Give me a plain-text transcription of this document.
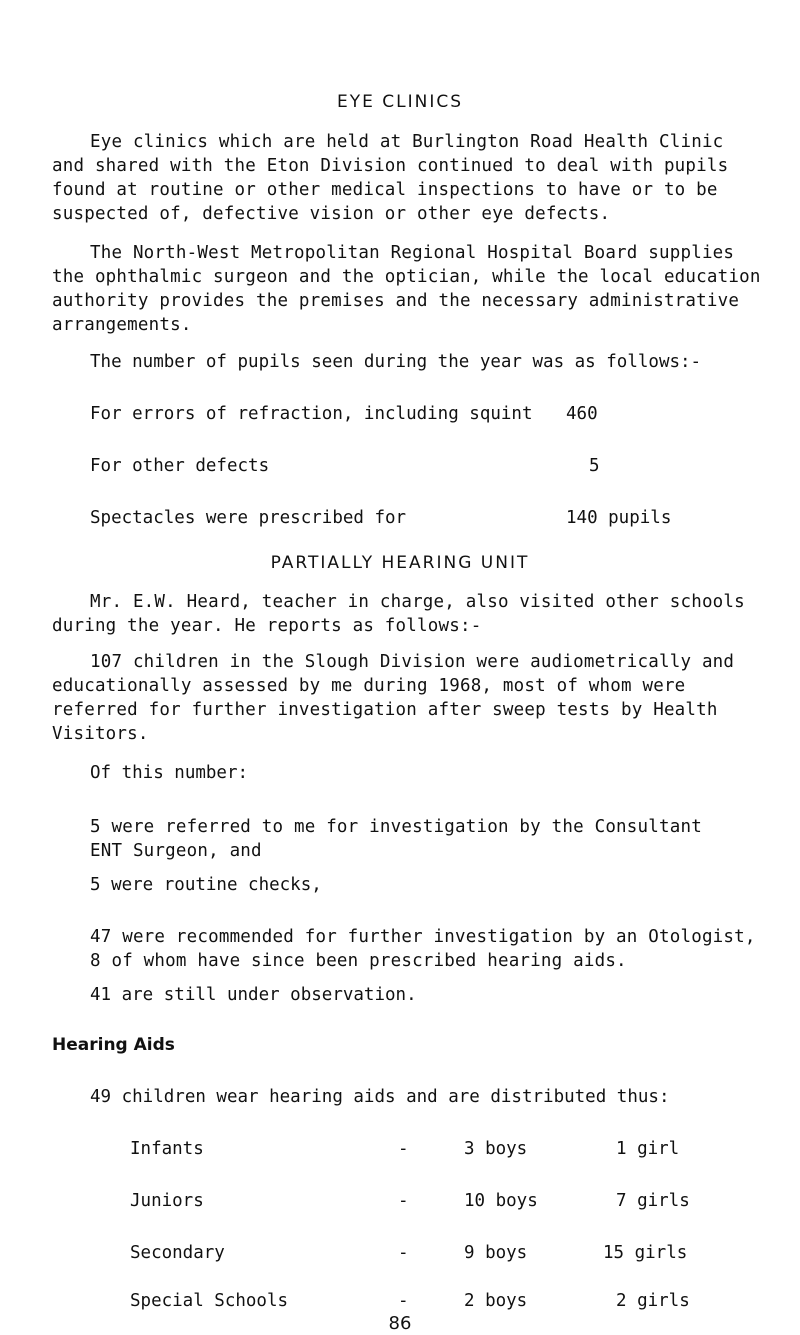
EYE CLINICS
Eye clinics which are held at Burlington Road Health Clinic
and shared with the Eton Division continued to deal with pupils
found at routine or other medical inspections to have or to be
suspected of, defective vision or other eye defects.
The North-West Metropolitan Regional Hospital Board supplies
the ophthalmic surgeon and the optician, while the local education
authority provides the premises and the necessary administrative
arrangements.
The number of pupils seen during the year was as follows:-
For errors of refraction, including squint 460
For other defects	5
Spectacles were prescribed for	140 pupils
PARTIALLY HEARING UNIT
Mr. E.W. Heard, teacher in charge, also visited other schools
during the year. He reports as follows:-
107 children in the Slough Division were audiometrically and
educationally assessed by me during 1968, most of whom were
referred for further investigation after sweep tests by Health
Visitors.
Of this number:
5 were referred to me for investigation by the Consultant
ENT Surgeon, and
5 were routine checks,
47 were recommended for further investigation by an Otologist,
8 of whom have since been prescribed hearing aids.
41 are still under observation.
Hearing Aids
49 children wear hearing aids and are distributed thus:
Infants	-	3 boys	1 girl
Juniors	-	10 boys	7 girls
Secondary	-	9 boys	15 girls
Special Schools	-	2 boys	2 girls
86
